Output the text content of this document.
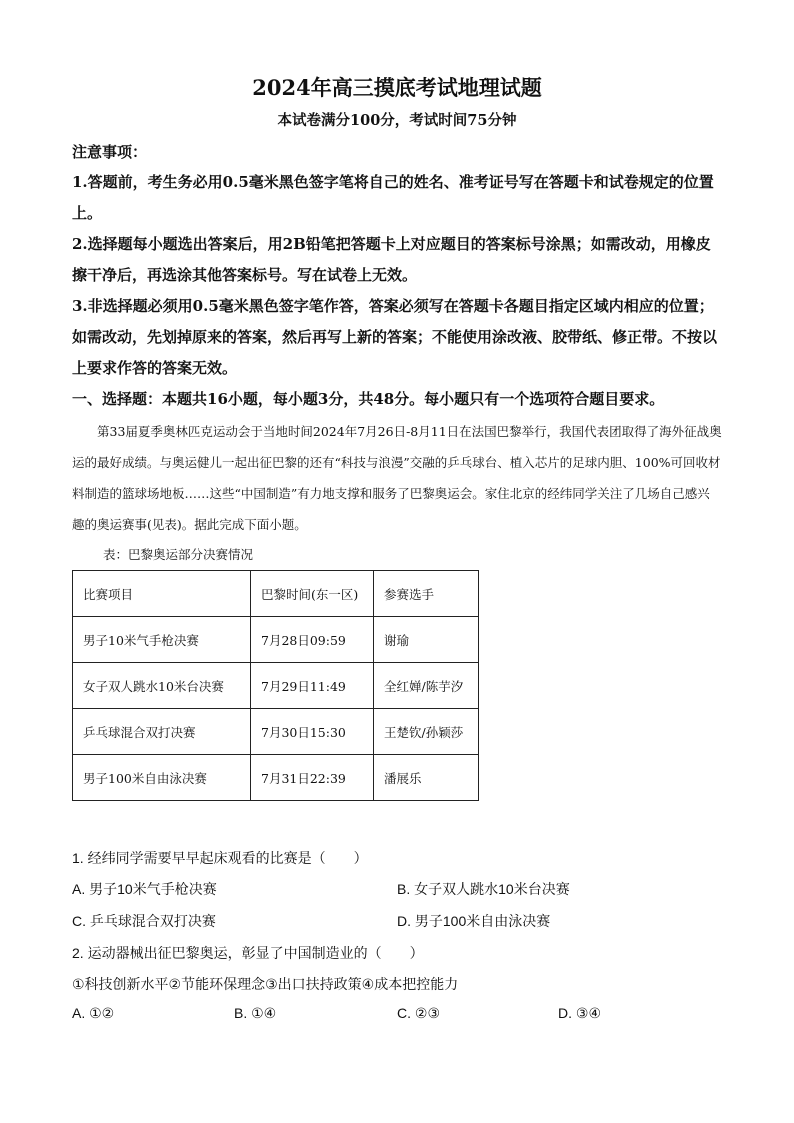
2024年高三摸底考试地理试题
本试卷满分100分，考试时间75分钟
注意事项：
1.答题前，考生务必用0.5毫米黑色签字笔将自己的姓名、准考证号写在答题卡和试卷规定的位置上。
2.选择题每小题选出答案后，用2B铅笔把答题卡上对应题目的答案标号涂黑；如需改动，用橡皮擦干净后，再选涂其他答案标号。写在试卷上无效。
3.非选择题必须用0.5毫米黑色签字笔作答，答案必须写在答题卡各题目指定区域内相应的位置；如需改动，先划掉原来的答案，然后再写上新的答案；不能使用涂改液、胶带纸、修正带。不按以上要求作答的答案无效。
一、选择题：本题共16小题，每小题3分，共48分。每小题只有一个选项符合题目要求。
第33届夏季奥林匹克运动会于当地时间2024年7月26日-8月11日在法国巴黎举行，我国代表团取得了海外征战奥运的最好成绩。与奥运健儿一起出征巴黎的还有“科技与浪漫”交融的乒乓球台、植入芯片的足球内胆、100%可回收材料制造的篮球场地板……这些“中国制造”有力地支撑和服务了巴黎奥运会。家住北京的经纬同学关注了几场自己感兴趣的奥运赛事(见表)。据此完成下面小题。
表：巴黎奥运部分决赛情况
比赛项目	巴黎时间(东一区)	参赛选手
男子10米气手枪决赛	7月28日09:59	谢瑜
女子双人跳水10米台决赛	7月29日11:49	全红婵/陈芋汐
乒乓球混合双打决赛	7月30日15:30	王楚钦/孙颖莎
男子100米自由泳决赛	7月31日22:39	潘展乐
1. 经纬同学需要早早起床观看的比赛是（　　）
A. 男子10米气手枪决赛	B. 女子双人跳水10米台决赛
C. 乒乓球混合双打决赛	D. 男子100米自由泳决赛
2. 运动器械出征巴黎奥运，彰显了中国制造业的（　　）
①科技创新水平②节能环保理念③出口扶持政策④成本把控能力
A. ①②	B. ①④	C. ②③	D. ③④
